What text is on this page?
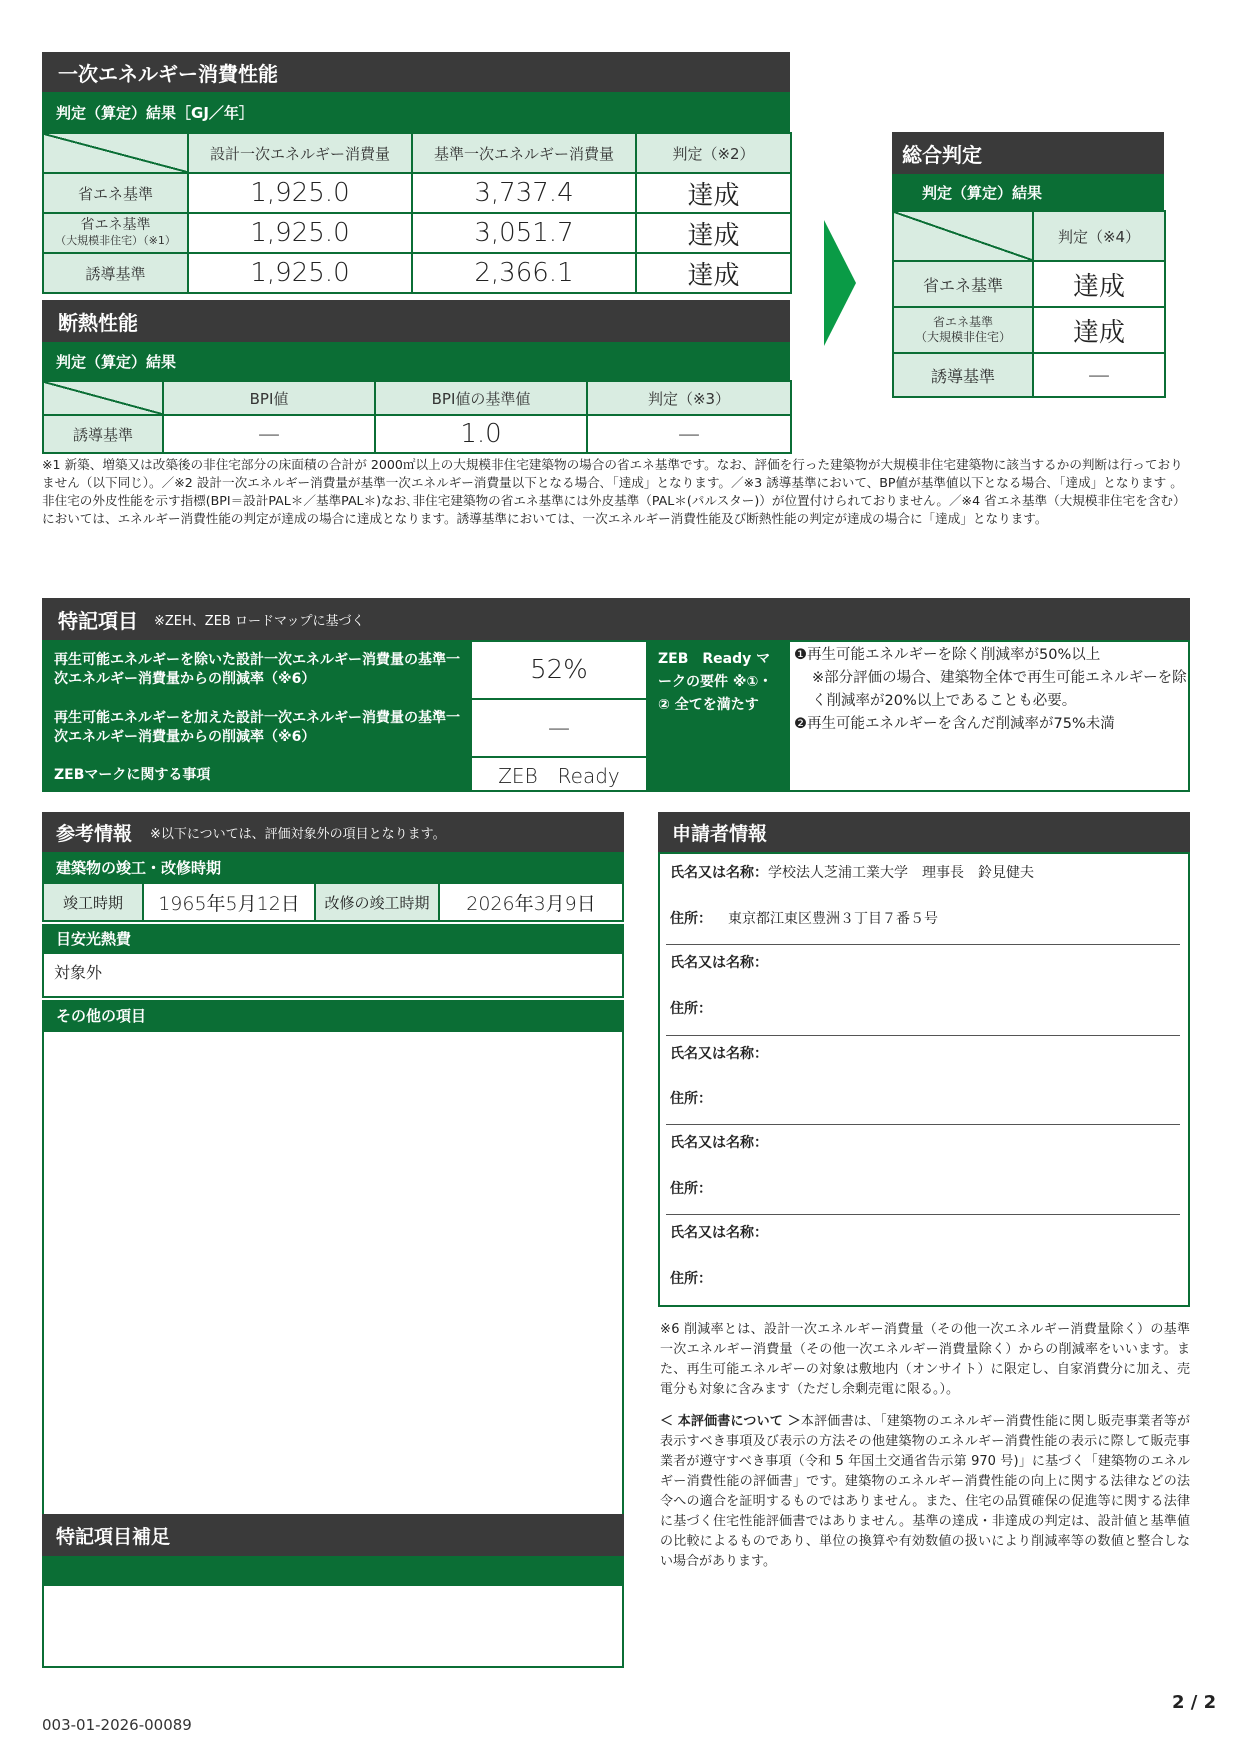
一次エネルギー消費性能
判定（算定）結果［GJ／年］
	設計一次エネルギー消費量	基準一次エネルギー消費量	判定（※2）
省エネ基準	1,925.0	3,737.4	達成

省エネ基準
（大規模非住宅）（※1）	1,925.0	3,051.7	達成
誘導基準	1,925.0	2,366.1	達成
断熱性能
判定（算定）結果
	BPI値	BPI値の基準値	判定（※3）
誘導基準	—	1.0	—
総合判定
判定（算定）結果
	判定（※4）
省エネ基準	達成

省エネ基準
（大規模非住宅）	達成
誘導基準	—
※1 新築、増築又は改築後の非住宅部分の床面積の合計が 2000㎡以上の大規模非住宅建築物の場合の省エネ基準です。なお、評価を行った建築物が大規模非住宅建築物に該当するかの判断は行っておりません（以下同じ）。／※2 設計一次エネルギー消費量が基準一次エネルギー消費量以下となる場合､「達成」となります。／※3 誘導基準において、BP値が基準値以下となる場合､「達成」となります 。非住宅の外皮性能を示す指標(BPI＝設計PAL＊／基準PAL＊)なお､非住宅建築物の省エネ基準には外皮基準（PAL＊(パルスター)）が位置付けられておりません。／※4 省エネ基準（大規模非住宅を含む）においては、エネルギー消費性能の判定が達成の場合に達成となります。誘導基準においては、一次エネルギー消費性能及び断熱性能の判定が達成の場合に「達成」となります。
特記項目 ※ZEH、ZEB ロードマップに基づく
再生可能エネルギーを除いた設計一次エネルギー消費量の基準一次エネルギー消費量からの削減率（※6）	52%
再生可能エネルギーを加えた設計一次エネルギー消費量の基準一次エネルギー消費量からの削減率（※6）	—
ZEBマークに関する事項	ZEB　Ready
ZEB　Ready マークの要件 ※①・② 全てを満たす
❶再生可能エネルギーを除く削減率が50%以上
※部分評価の場合、建築物全体で再生可能エネルギーを除く削減率が20%以上であることも必要。
❷再生可能エネルギーを含んだ削減率が75%未満
参考情報 ※以下については、評価対象外の項目となります。
建築物の竣工・改修時期
竣工時期	1965年5月12日	改修の竣工時期	2026年3月9日
目安光熱費
対象外
その他の項目
特記項目補足
申請者情報
氏名又は名称：学校法人芝浦工業大学　理事長　鈴見健夫
住所： 東京都江東区豊洲３丁目７番５号
氏名又は名称：
住所：
氏名又は名称：
住所：
氏名又は名称：
住所：
氏名又は名称：
住所：
※6 削減率とは、設計一次エネルギー消費量（その他一次エネルギー消費量除く）の基準一次エネルギー消費量（その他一次エネルギー消費量除く）からの削減率をいいます。また、再生可能エネルギーの対象は敷地内（オンサイト）に限定し、自家消費分に加え、売電分も対象に含みます（ただし余剰売電に限る。）。
＜ 本評価書について ＞本評価書は､「建築物のエネルギー消費性能に関し販売事業者等が表示すべき事項及び表示の方法その他建築物のエネルギー消費性能の表示に際して販売事業者が遵守すべき事項（令和 5 年国土交通省告示第 970 号)」に基づく「建築物のエネルギー消費性能の評価書」です。建築物のエネルギー消費性能の向上に関する法律などの法令への適合を証明するものではありません。また、住宅の品質確保の促進等に関する法律に基づく住宅性能評価書ではありません。基準の達成・非達成の判定は、設計値と基準値の比較によるものであり、単位の換算や有効数値の扱いにより削減率等の数値と整合しない場合があります。
2 / 2
003-01-2026-00089
